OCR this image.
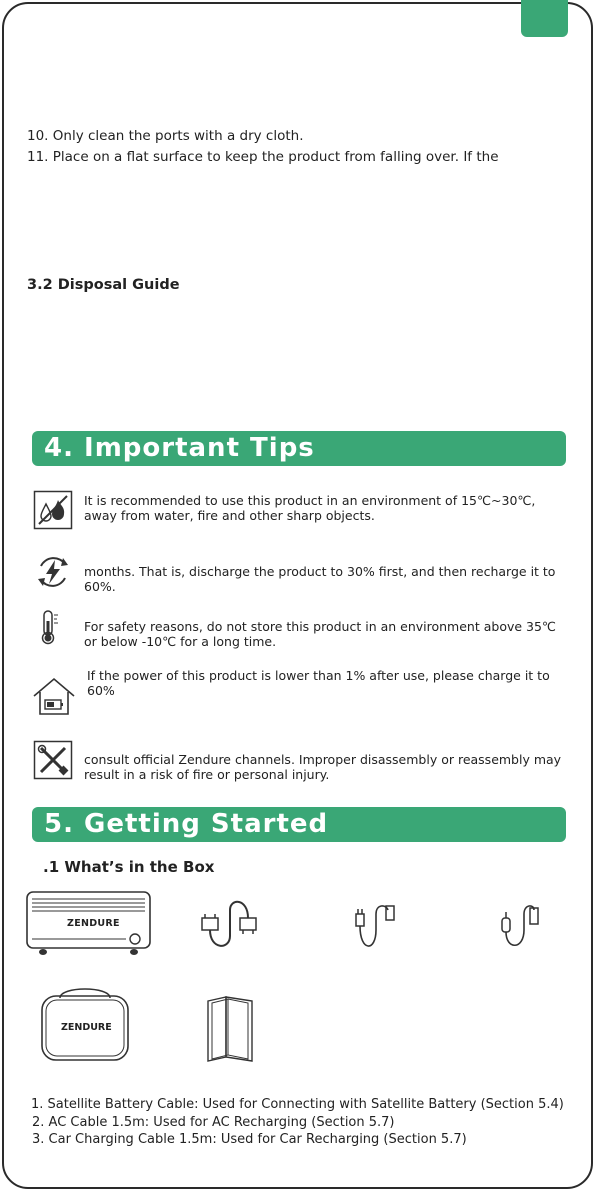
10. Only clean the ports with a dry cloth.
11. Place on a flat surface to keep the product from falling over. If the
3.2 Disposal Guide
4. Important Tips
It is recommended to use this product in an environment of 15℃~30℃, away from water, fire and other sharp objects.
months. That is, discharge the product to 30% first, and then recharge it to 60%.
For safety reasons, do not store this product in an environment above 35℃ or below -10℃ for a long time.
If the power of this product is lower than 1% after use, please charge it to 60%
consult official Zendure channels. Improper disassembly or reassembly may result in a risk of fire or personal injury.
5. Getting Started
.1 What’s in the Box
ZENDURE
ZENDURE
1. Satellite Battery Cable: Used for Connecting with Satellite Battery (Section 5.4)
2. AC Cable 1.5m: Used for AC Recharging (Section 5.7)
3. Car Charging Cable 1.5m: Used for Car Recharging (Section 5.7)
